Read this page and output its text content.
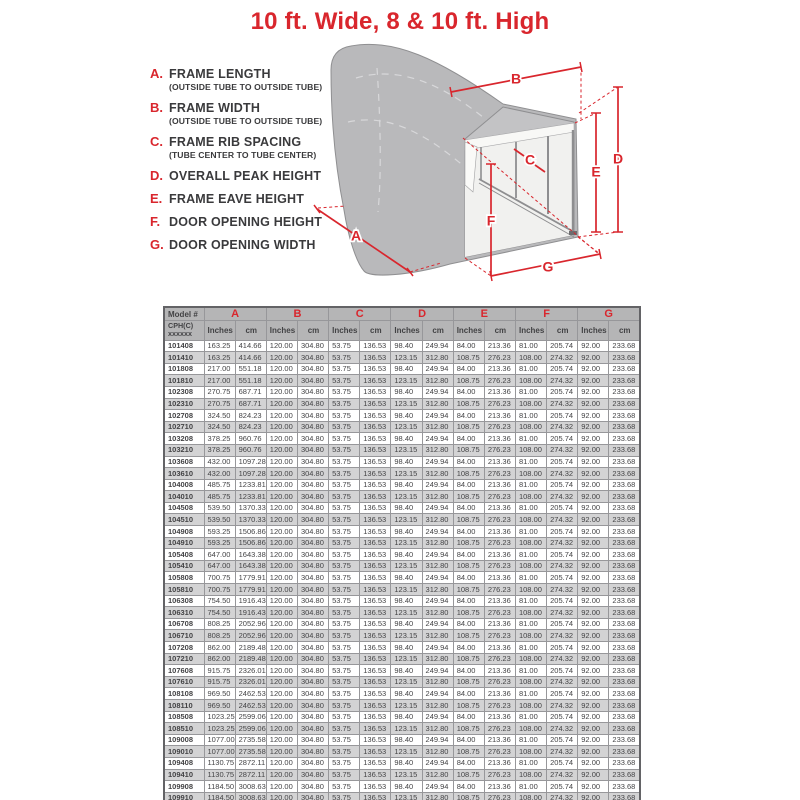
10 ft. Wide, 8 & 10 ft. High
A. FRAME LENGTH
(OUTSIDE TUBE TO OUTSIDE TUBE)
B. FRAME WIDTH
(OUTSIDE TUBE TO OUTSIDE TUBE)
C. FRAME RIB SPACING
(TUBE CENTER TO TUBE CENTER)
D. OVERALL PEAK HEIGHT
E. FRAME EAVE HEIGHT
F. DOOR OPENING HEIGHT
G. DOOR OPENING WIDTH
B
D
E
C
F
G
A
Model #	A		B		C		D		E		F		G	

CPH(C)
xxxxxx	Inches	cm	Inches	cm	Inches	cm	Inches	cm	Inches	cm	Inches	cm	Inches	cm
101408	163.25	414.66	120.00	304.80	53.75	136.53	98.40	249.94	84.00	213.36	81.00	205.74	92.00	233.68
101410	163.25	414.66	120.00	304.80	53.75	136.53	123.15	312.80	108.75	276.23	108.00	274.32	92.00	233.68
101808	217.00	551.18	120.00	304.80	53.75	136.53	98.40	249.94	84.00	213.36	81.00	205.74	92.00	233.68
101810	217.00	551.18	120.00	304.80	53.75	136.53	123.15	312.80	108.75	276.23	108.00	274.32	92.00	233.68
102308	270.75	687.71	120.00	304.80	53.75	136.53	98.40	249.94	84.00	213.36	81.00	205.74	92.00	233.68
102310	270.75	687.71	120.00	304.80	53.75	136.53	123.15	312.80	108.75	276.23	108.00	274.32	92.00	233.68
102708	324.50	824.23	120.00	304.80	53.75	136.53	98.40	249.94	84.00	213.36	81.00	205.74	92.00	233.68
102710	324.50	824.23	120.00	304.80	53.75	136.53	123.15	312.80	108.75	276.23	108.00	274.32	92.00	233.68
103208	378.25	960.76	120.00	304.80	53.75	136.53	98.40	249.94	84.00	213.36	81.00	205.74	92.00	233.68
103210	378.25	960.76	120.00	304.80	53.75	136.53	123.15	312.80	108.75	276.23	108.00	274.32	92.00	233.68
103608	432.00	1097.28	120.00	304.80	53.75	136.53	98.40	249.94	84.00	213.36	81.00	205.74	92.00	233.68
103610	432.00	1097.28	120.00	304.80	53.75	136.53	123.15	312.80	108.75	276.23	108.00	274.32	92.00	233.68
104008	485.75	1233.81	120.00	304.80	53.75	136.53	98.40	249.94	84.00	213.36	81.00	205.74	92.00	233.68
104010	485.75	1233.81	120.00	304.80	53.75	136.53	123.15	312.80	108.75	276.23	108.00	274.32	92.00	233.68
104508	539.50	1370.33	120.00	304.80	53.75	136.53	98.40	249.94	84.00	213.36	81.00	205.74	92.00	233.68
104510	539.50	1370.33	120.00	304.80	53.75	136.53	123.15	312.80	108.75	276.23	108.00	274.32	92.00	233.68
104908	593.25	1506.86	120.00	304.80	53.75	136.53	98.40	249.94	84.00	213.36	81.00	205.74	92.00	233.68
104910	593.25	1506.86	120.00	304.80	53.75	136.53	123.15	312.80	108.75	276.23	108.00	274.32	92.00	233.68
105408	647.00	1643.38	120.00	304.80	53.75	136.53	98.40	249.94	84.00	213.36	81.00	205.74	92.00	233.68
105410	647.00	1643.38	120.00	304.80	53.75	136.53	123.15	312.80	108.75	276.23	108.00	274.32	92.00	233.68
105808	700.75	1779.91	120.00	304.80	53.75	136.53	98.40	249.94	84.00	213.36	81.00	205.74	92.00	233.68
105810	700.75	1779.91	120.00	304.80	53.75	136.53	123.15	312.80	108.75	276.23	108.00	274.32	92.00	233.68
106308	754.50	1916.43	120.00	304.80	53.75	136.53	98.40	249.94	84.00	213.36	81.00	205.74	92.00	233.68
106310	754.50	1916.43	120.00	304.80	53.75	136.53	123.15	312.80	108.75	276.23	108.00	274.32	92.00	233.68
106708	808.25	2052.96	120.00	304.80	53.75	136.53	98.40	249.94	84.00	213.36	81.00	205.74	92.00	233.68
106710	808.25	2052.96	120.00	304.80	53.75	136.53	123.15	312.80	108.75	276.23	108.00	274.32	92.00	233.68
107208	862.00	2189.48	120.00	304.80	53.75	136.53	98.40	249.94	84.00	213.36	81.00	205.74	92.00	233.68
107210	862.00	2189.48	120.00	304.80	53.75	136.53	123.15	312.80	108.75	276.23	108.00	274.32	92.00	233.68
107608	915.75	2326.01	120.00	304.80	53.75	136.53	98.40	249.94	84.00	213.36	81.00	205.74	92.00	233.68
107610	915.75	2326.01	120.00	304.80	53.75	136.53	123.15	312.80	108.75	276.23	108.00	274.32	92.00	233.68
108108	969.50	2462.53	120.00	304.80	53.75	136.53	98.40	249.94	84.00	213.36	81.00	205.74	92.00	233.68
108110	969.50	2462.53	120.00	304.80	53.75	136.53	123.15	312.80	108.75	276.23	108.00	274.32	92.00	233.68
108508	1023.25	2599.06	120.00	304.80	53.75	136.53	98.40	249.94	84.00	213.36	81.00	205.74	92.00	233.68
108510	1023.25	2599.06	120.00	304.80	53.75	136.53	123.15	312.80	108.75	276.23	108.00	274.32	92.00	233.68
109008	1077.00	2735.58	120.00	304.80	53.75	136.53	98.40	249.94	84.00	213.36	81.00	205.74	92.00	233.68
109010	1077.00	2735.58	120.00	304.80	53.75	136.53	123.15	312.80	108.75	276.23	108.00	274.32	92.00	233.68
109408	1130.75	2872.11	120.00	304.80	53.75	136.53	98.40	249.94	84.00	213.36	81.00	205.74	92.00	233.68
109410	1130.75	2872.11	120.00	304.80	53.75	136.53	123.15	312.80	108.75	276.23	108.00	274.32	92.00	233.68
109908	1184.50	3008.63	120.00	304.80	53.75	136.53	98.40	249.94	84.00	213.36	81.00	205.74	92.00	233.68
109910	1184.50	3008.63	120.00	304.80	53.75	136.53	123.15	312.80	108.75	276.23	108.00	274.32	92.00	233.68
